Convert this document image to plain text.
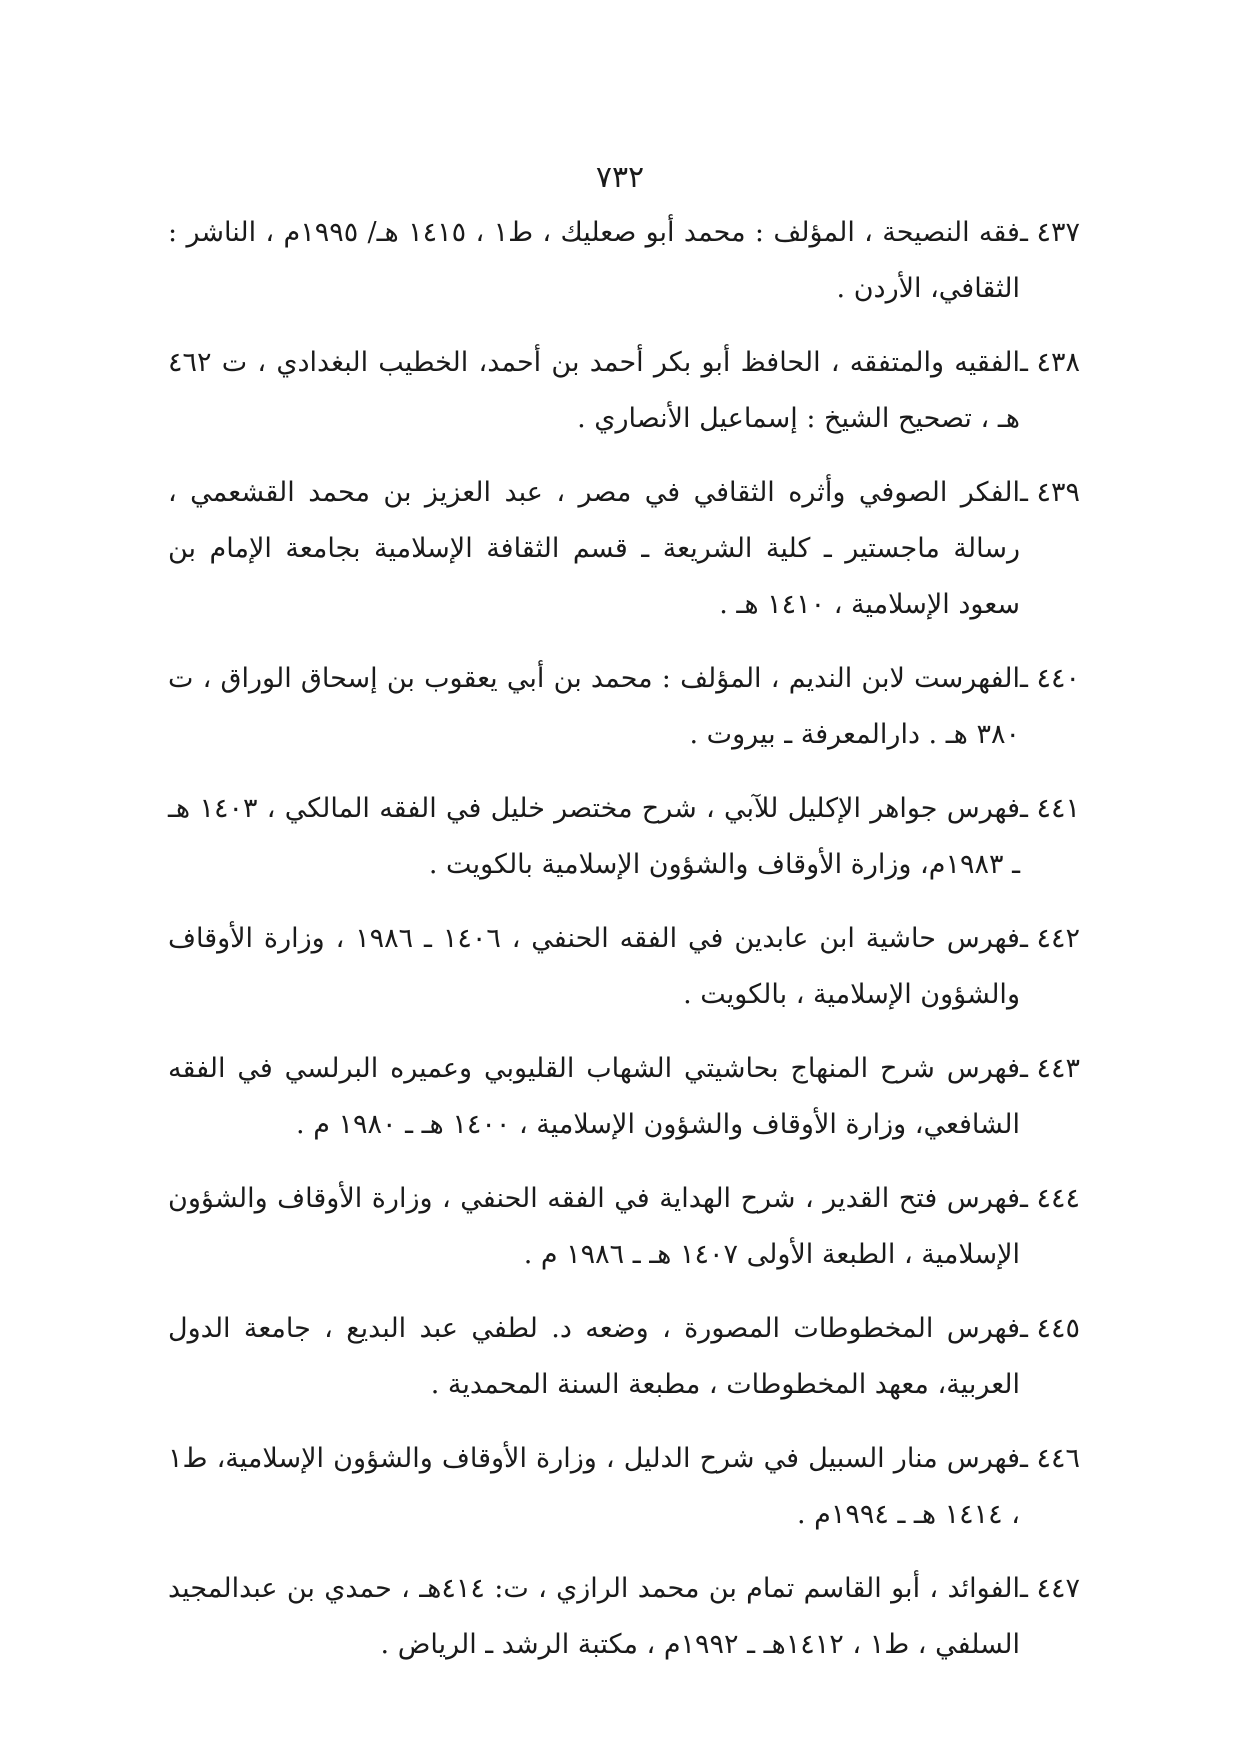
٧٣٢
٤٣٧ ـ
فقه النصيحة ، المؤلف : محمد أبو صعليك ، ط١ ، ١٤١٥ هـ/ ١٩٩٥م ، الناشر : الثقافي، الأردن .
٤٣٨ ـ
الفقيه والمتفقه ، الحافظ أبو بكر أحمد بن أحمد، الخطيب البغدادي ، ت ٤٦٢ هـ ، تصحيح الشيخ : إسماعيل الأنصاري .
٤٣٩ ـ
الفكر الصوفي وأثره الثقافي في مصر ، عبد العزيز بن محمد القشعمي ، رسالة ماجستير ـ كلية الشريعة ـ قسم الثقافة الإسلامية بجامعة الإمام بن سعود الإسلامية ، ١٤١٠ هـ .
٤٤٠ ـ
الفهرست لابن النديم ، المؤلف : محمد بن أبي يعقوب بن إسحاق الوراق ، ت ٣٨٠ هـ . دارالمعرفة ـ بيروت .
٤٤١ ـ
فهرس جواهر الإكليل للآبي ، شرح مختصر خليل في الفقه المالكي ، ١٤٠٣ هـ ـ ١٩٨٣م، وزارة الأوقاف والشؤون الإسلامية بالكويت .
٤٤٢ ـ
فهرس حاشية ابن عابدين في الفقه الحنفي ، ١٤٠٦ ـ ١٩٨٦ ، وزارة الأوقاف والشؤون الإسلامية ، بالكويت .
٤٤٣ ـ
فهرس شرح المنهاج بحاشيتي الشهاب القليوبي وعميره البرلسي في الفقه الشافعي، وزارة الأوقاف والشؤون الإسلامية ، ١٤٠٠ هـ ـ ١٩٨٠ م .
٤٤٤ ـ
فهرس فتح القدير ، شرح الهداية في الفقه الحنفي ، وزارة الأوقاف والشؤون الإسلامية ، الطبعة الأولى ١٤٠٧ هـ ـ ١٩٨٦ م .
٤٤٥ ـ
فهرس المخطوطات المصورة ، وضعه د. لطفي عبد البديع ، جامعة الدول العربية، معهد المخطوطات ، مطبعة السنة المحمدية .
٤٤٦ ـ
فهرس منار السبيل في شرح الدليل ، وزارة الأوقاف والشؤون الإسلامية، ط١ ، ١٤١٤ هـ ـ ١٩٩٤م .
٤٤٧ ـ
الفوائد ، أبو القاسم تمام بن محمد الرازي ، ت: ٤١٤هـ ، حمدي بن عبدالمجيد السلفي ، ط١ ، ١٤١٢هـ ـ ١٩٩٢م ، مكتبة الرشد ـ الرياض .
